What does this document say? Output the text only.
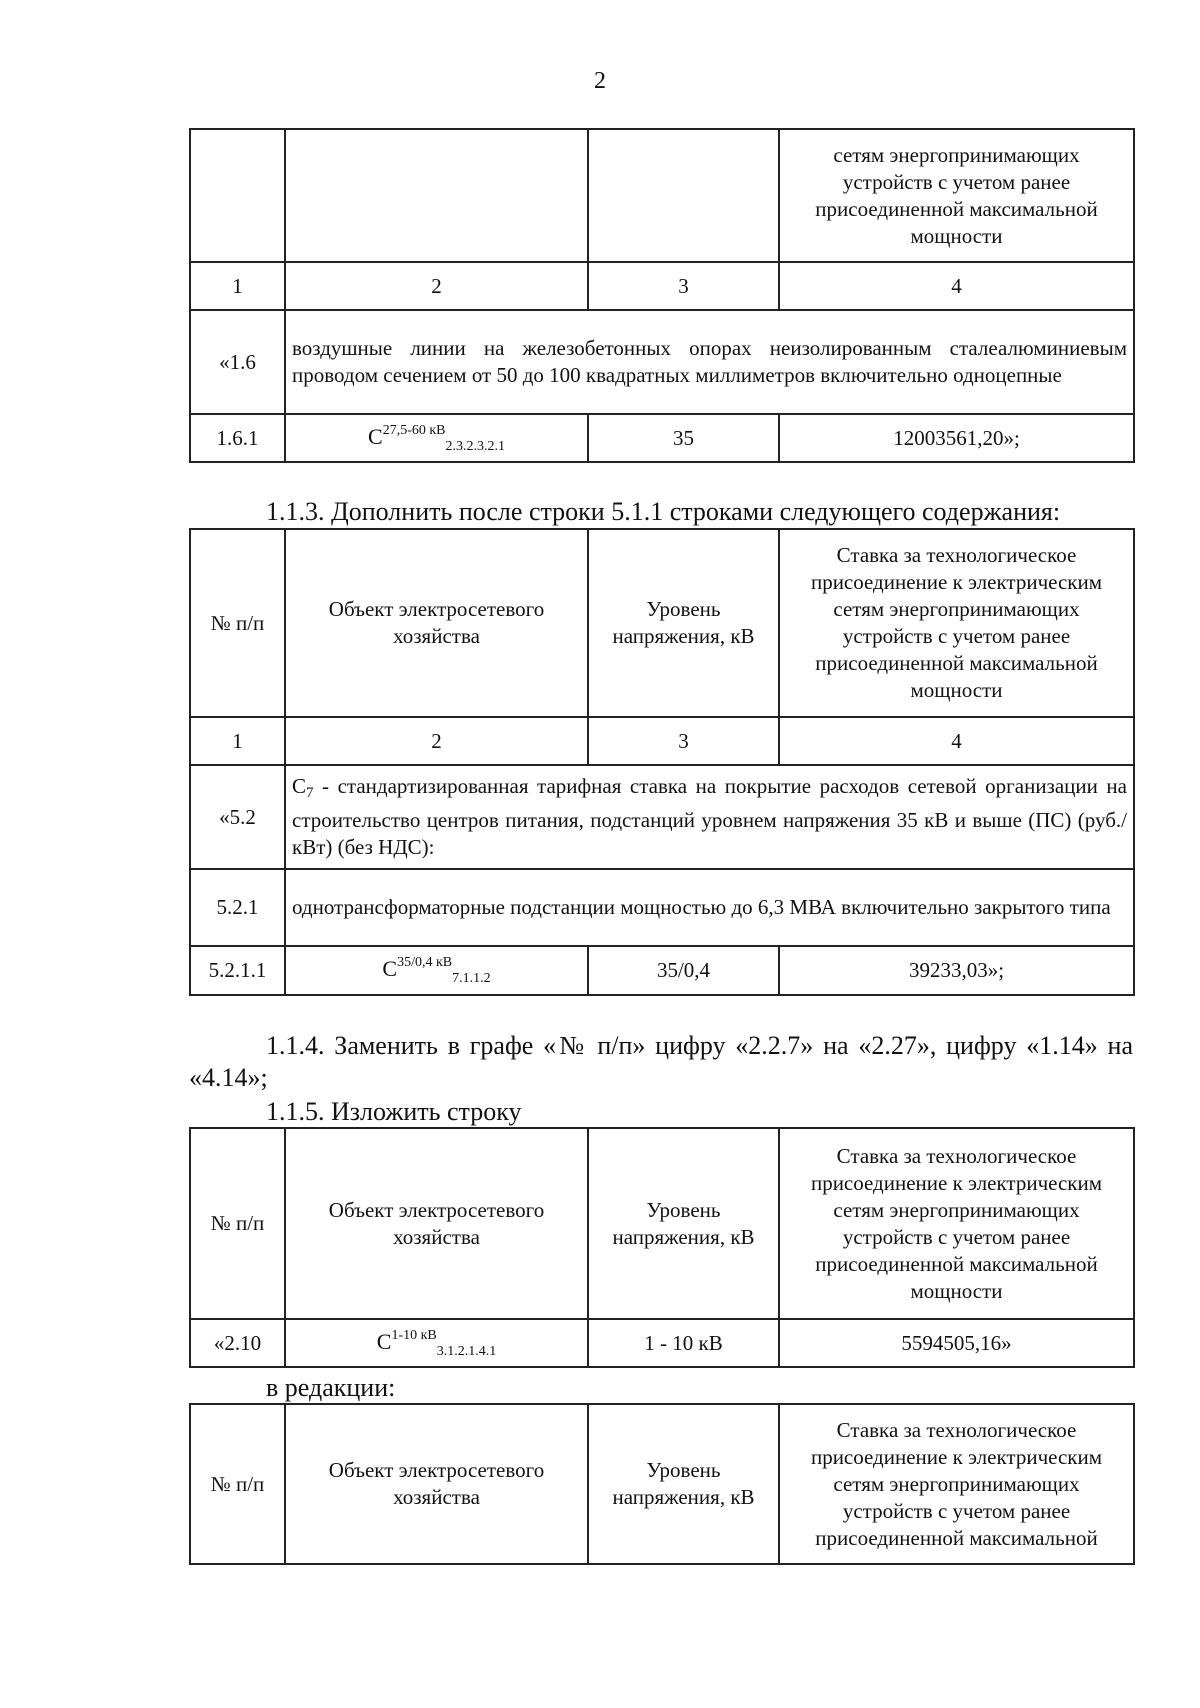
2
			сетям энергопринимающих устройств с учетом ранее присоединенной максимальной мощности
1	2	3	4
«1.6	воздушные линии на железобетонных опорах неизолированным сталеалюминиевым проводом сечением от 50 до 100 квадратных миллиметров включительно одноцепные		
1.6.1	$С^{27,5-60 кВ}_{2.3.2.3.2.1}$	35	12003561,20»;
1.1.3. Дополнить после строки 5.1.1 строками следующего содержания:
№ п/п	Объект электросетевого хозяйства	Уровень напряжения, кВ	Ставка за технологическое присоединение к электрическим сетям энергопринимающих устройств с учетом ранее присоединенной максимальной мощности
1	2	3	4
«5.2	С7 - стандартизированная тарифная ставка на покрытие расходов сетевой организации на строительство центров питания, подстанций уровнем напряжения 35 кВ и выше (ПС) (руб./кВт) (без НДС):		
5.2.1	однотрансформаторные подстанции мощностью до 6,3 МВА включительно закрытого типа		
5.2.1.1	$С^{35/0,4 кВ}_{7.1.1.2}$	35/0,4	39233,03»;
1.1.4. Заменить в графе «№ п/п» цифру «2.2.7» на «2.27», цифру «1.14» на «4.14»;
1.1.5. Изложить строку
№ п/п	Объект электросетевого хозяйства	Уровень напряжения, кВ	Ставка за технологическое присоединение к электрическим сетям энергопринимающих устройств с учетом ранее присоединенной максимальной мощности
«2.10	$С^{1-10 кВ}_{3.1.2.1.4.1}$	1 - 10 кВ	5594505,16»
в редакции:
№ п/п	Объект электросетевого хозяйства	Уровень напряжения, кВ	Ставка за технологическое присоединение к электрическим сетям энергопринимающих устройств с учетом ранее присоединенной максимальной
